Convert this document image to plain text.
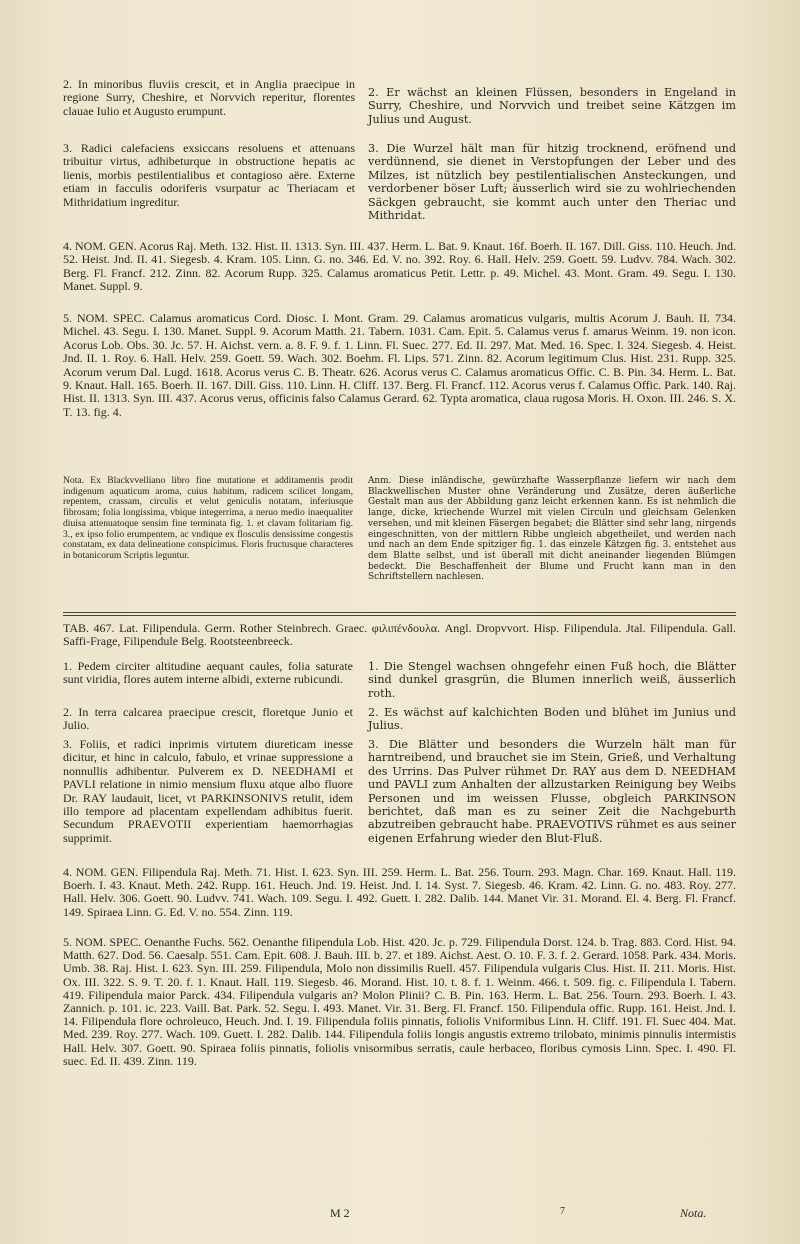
2. In minoribus fluviis crescit, et in Anglia praecipue in regione Surry, Cheshire, et Norvvich reperitur, florentes clauae Iulio et Augusto erumpunt.

2. Er wächst an kleinen Flüssen, besonders in Engeland in Surry, Cheshire, und Norvvich und treibet seine Kätzgen im Julius und August.

3. Radici calefaciens exsiccans resoluens et attenuans tribuitur virtus, adhibeturque in obstructione hepatis ac lienis, morbis pestilentialibus et contagioso aëre. Externe etiam in facculis odoriferis vsurpatur ac Theriacam et Mithridatium ingreditur.

3. Die Wurzel hält man für hitzig trocknend, eröfnend und verdünnend, sie dienet in Verstopfungen der Leber und des Milzes, ist nützlich bey pestilentialischen Ansteckungen, und verdorbener böser Luft; äusserlich wird sie zu wohlriechenden Säckgen gebraucht, sie kommt auch unter den Theriac und Mithridat.

4. NOM. GEN. Acorus Raj. Meth. 132. Hist. II. 1313. Syn. III. 437. Herm. L. Bat. 9. Knaut. 16f. Boerh. II. 167. Dill. Giss. 110. Heuch. Jnd. 52. Heist. Jnd. II. 41. Siegesb. 4. Kram. 105. Linn. G. no. 346. Ed. V. no. 392. Roy. 6. Hall. Helv. 259. Goett. 59. Ludvv. 784. Wach. 302. Berg. Fl. Francf. 212. Zinn. 82. Acorum Rupp. 325. Calamus aromaticus Petit. Lettr. p. 49. Michel. 43. Mont. Gram. 49. Segu. I. 130. Manet. Suppl. 9.

5. NOM. SPEC. Calamus aromaticus Cord. Diosc. I. Mont. Gram. 29. Calamus aromaticus vulgaris, multis Acorum J. Bauh. II. 734. Michel. 43. Segu. I. 130. Manet. Suppl. 9. Acorum Matth. 21. Tabern. 1031. Cam. Epit. 5. Calamus verus f. amarus Weinm. 19. non icon. Acorus Lob. Obs. 30. Jc. 57. H. Aichst. vern. a. 8. F. 9. f. 1. Linn. Fl. Suec. 277. Ed. II. 297. Mat. Med. 16. Spec. I. 324. Siegesb. 4. Heist. Jnd. II. 1. Roy. 6. Hall. Helv. 259. Goett. 59. Wach. 302. Boehm. Fl. Lips. 571. Zinn. 82. Acorum legitimum Clus. Hist. 231. Rupp. 325. Acorum verum Dal. Lugd. 1618. Acorus verus C. B. Theatr. 626. Acorus verus C. Calamus aromaticus Offic. C. B. Pin. 34. Herm. L. Bat. 9. Knaut. Hall. 165. Boerh. II. 167. Dill. Giss. 110. Linn. H. Cliff. 137. Berg. Fl. Francf. 112. Acorus verus f. Calamus Offic. Park. 140. Raj. Hist. II. 1313. Syn. III. 437. Acorus verus, officinis falso Calamus Gerard. 62. Typta aromatica, claua rugosa Moris. H. Oxon. III. 246. S. X. T. 13. fig. 4.

Nota. Ex Blackvvelliano libro fine mutatione et additamentis prodit indigenum aquaticum aroma, cuius habitum, radicem scilicet longam, repentem, crassam, circulis et velut geniculis notatam, inferiusque fibrosam; folia longissima, vbique integerrima, a neruo medio inaequaliter diuisa attenuatoque sensim fine terminata fig. 1. et clavam folitariam fig. 3., ex ipso folio erumpentem, ac vndique ex flosculis densissime congestis constatam, ex data delineatione conspicimus. Floris fructusque characteres in botanicorum Scriptis leguntur.

Anm. Diese inländische, gewürzhafte Wasserpflanze liefern wir nach dem Blackwellischen Muster ohne Veränderung und Zusätze, deren äußerliche Gestalt man aus der Abbildung ganz leicht erkennen kann. Es ist nehmlich die lange, dicke, kriechende Wurzel mit vielen Circuln und gleichsam Gelenken versehen, und mit kleinen Fäsergen begabet; die Blätter sind sehr lang, nirgends eingeschnitten, von der mittlern Ribbe ungleich abgetheilet, und werden nach und nach an dem Ende spitziger fig. 1. das einzele Kätzgen fig. 3. entstehet aus dem Blatte selbst, und ist überall mit dicht aneinander liegenden Blümgen bedeckt. Die Beschaffenheit der Blume und Frucht kann man in den Schriftstellern nachlesen.

TAB. 467. Lat. Filipendula. Germ. Rother Steinbrech. Graec. φιλιπένδουλα. Angl. Dropvvort. Hisp. Filipendula. Jtal. Filipendula. Gall. Saffi-Frage, Filipendule Belg. Rootsteenbreeck.

1. Pedem circiter altitudine aequant caules, folia saturate sunt viridia, flores autem interne albidi, externe rubicundi.

1. Die Stengel wachsen ohngefehr einen Fuß hoch, die Blätter sind dunkel grasgrün, die Blumen innerlich weiß, äusserlich roth.

2. In terra calcarea praecipue crescit, floretque Junio et Julio.

2. Es wächst auf kalchichten Boden und blühet im Junius und Julius.

3. Foliis, et radici inprimis virtutem diureticam inesse dicitur, et hinc in calculo, fabulo, et vrinae suppressione a nonnullis adhibentur. Pulverem ex D. NEEDHAMI et PAVLI relatione in nimio mensium fluxu atque albo fluore Dr. RAY laudauit, licet, vt PARKINSONIVS retulit, idem illo tempore ad placentam expellendam adhibitus fuerit. Secundum PRAEVOTII experientiam haemorrhagias supprimit.

3. Die Blätter und besonders die Wurzeln hält man für harntreibend, und brauchet sie im Stein, Grieß, und Verhaltung des Urrins. Das Pulver rühmet Dr. RAY aus dem D. NEEDHAM und PAVLI zum Anhalten der allzustarken Reinigung bey Weibs Personen und im weissen Flusse, obgleich PARKINSON berichtet, daß man es zu seiner Zeit die Nachgeburth abzutreiben gebraucht habe. PRAEVOTIVS rühmet es aus seiner eigenen Erfahrung wieder den Blut-Fluß.

4. NOM. GEN. Filipendula Raj. Meth. 71. Hist. I. 623. Syn. III. 259. Herm. L. Bat. 256. Tourn. 293. Magn. Char. 169. Knaut. Hall. 119. Boerh. I. 43. Knaut. Meth. 242. Rupp. 161. Heuch. Jnd. 19. Heist. Jnd. I. 14. Syst. 7. Siegesb. 46. Kram. 42. Linn. G. no. 483. Roy. 277. Hall. Helv. 306. Goett. 90. Ludvv. 741. Wach. 109. Segu. I. 492. Guett. I. 282. Dalib. 144. Manet Vir. 31. Morand. El. 4. Berg. Fl. Francf. 149. Spiraea Linn. G. Ed. V. no. 554. Zinn. 119.

5. NOM. SPEC. Oenanthe Fuchs. 562. Oenanthe filipendula Lob. Hist. 420. Jc. p. 729. Filipendula Dorst. 124. b. Trag. 883. Cord. Hist. 94. Matth. 627. Dod. 56. Caesalp. 551. Cam. Epit. 608. J. Bauh. III. b. 27. et 189. Aichst. Aest. O. 10. F. 3. f. 2. Gerard. 1058. Park. 434. Moris. Umb. 38. Raj. Hist. I. 623. Syn. III. 259. Filipendula, Molo non dissimilis Ruell. 457. Filipendula vulgaris Clus. Hist. II. 211. Moris. Hist. Ox. III. 322. S. 9. T. 20. f. 1. Knaut. Hall. 119. Siegesb. 46. Morand. Hist. 10. t. 8. f. 1. Weinm. 466. t. 509. fig. c. Filipendula I. Tabern. 419. Filipendula maior Parck. 434. Filipendula vulgaris an? Molon Plinii? C. B. Pin. 163. Herm. L. Bat. 256. Tourn. 293. Boerh. I. 43. Zannich. p. 101. ic. 223. Vaill. Bat. Park. 52. Segu. I. 493. Manet. Vir. 31. Berg. Fl. Francf. 150. Filipendula offic. Rupp. 161. Heist. Jnd. I. 14. Filipendula flore ochroleuco, Heuch. Jnd. I. 19. Filipendula foliis pinnatis, foliolis Vniformibus Linn. H. Cliff. 191. Fl. Suec 404. Mat. Med. 239. Roy. 277. Wach. 109. Guett. I. 282. Dalib. 144. Filipendula foliis longis angustis extremo trilobato, minimis pinnulis intermistis Hall. Helv. 307. Goett. 90. Spiraea foliis pinnatis, foliolis vnisormibus serratis, caule herbaceo, floribus cymosis Linn. Spec. I. 490. Fl. suec. Ed. II. 439. Zinn. 119.

M 2	7	Nota.
